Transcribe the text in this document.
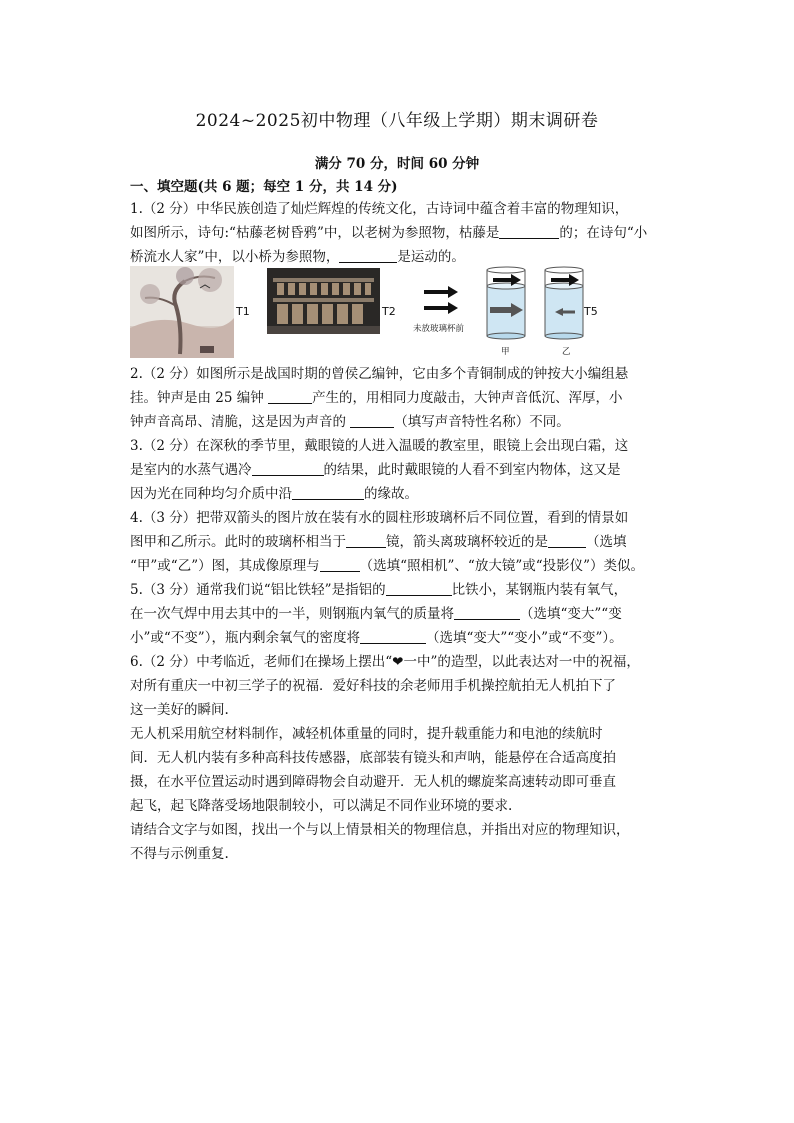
2024~2025初中物理（八年级上学期）期末调研卷
满分 70 分，时间 60 分钟
一、填空题(共 6 题；每空 1 分，共 14 分)
1.（2 分）中华民族创造了灿烂辉煌的传统文化，古诗词中蕴含着丰富的物理知识，
如图所示，诗句:“枯藤老树昏鸦”中，以老树为参照物，枯藤是	的；在诗句“小
桥流水人家”中，以小桥为参照物，	是运动的。
T1	T2
未放玻璃杯前
甲
T5
乙
2.（2 分）如图所示是战国时期的曾侯乙编钟，它由多个青铜制成的钟按大小编组悬
挂。钟声是由 25 编钟	产生的，用相同力度敲击，大钟声音低沉、浑厚，小
钟声音高昂、清脆，这是因为声音的	（填写声音特性名称）不同。
3.（2 分）在深秋的季节里，戴眼镜的人进入温暖的教室里，眼镜上会出现白霜，这
是室内的水蒸气遇冷	的结果，此时戴眼镜的人看不到室内物体，这又是
因为光在同种均匀介质中沿	的缘故。
4.（3 分）把带双箭头的图片放在装有水的圆柱形玻璃杯后不同位置，看到的情景如
图甲和乙所示。此时的玻璃杯相当于	镜，箭头离玻璃杯较近的是	（选填
“甲”或“乙”）图，其成像原理与	（选填“照相机”、“放大镜”或“投影仪”）类似。
5.（3 分）通常我们说“铝比铁轻”是指铝的	比铁小，某钢瓶内装有氧气，
在一次气焊中用去其中的一半，则钢瓶内氧气的质量将	（选填“变大”“变
小”或“不变”），瓶内剩余氧气的密度将	（选填“变大”“变小”或“不变”）。
6.（2 分）中考临近，老师们在操场上摆出“❤一中”的造型，以此表达对一中的祝福，
对所有重庆一中初三学子的祝福．爱好科技的余老师用手机操控航拍无人机拍下了
这一美好的瞬间.
无人机采用航空材料制作，减轻机体重量的同时，提升载重能力和电池的续航时
间．无人机内装有多种高科技传感器，底部装有镜头和声呐，能悬停在合适高度拍
摄，在水平位置运动时遇到障碍物会自动避开．无人机的螺旋桨高速转动即可垂直
起飞，起飞降落受场地限制较小，可以满足不同作业环境的要求.
请结合文字与如图，找出一个与以上情景相关的物理信息，并指出对应的物理知识，
不得与示例重复.
